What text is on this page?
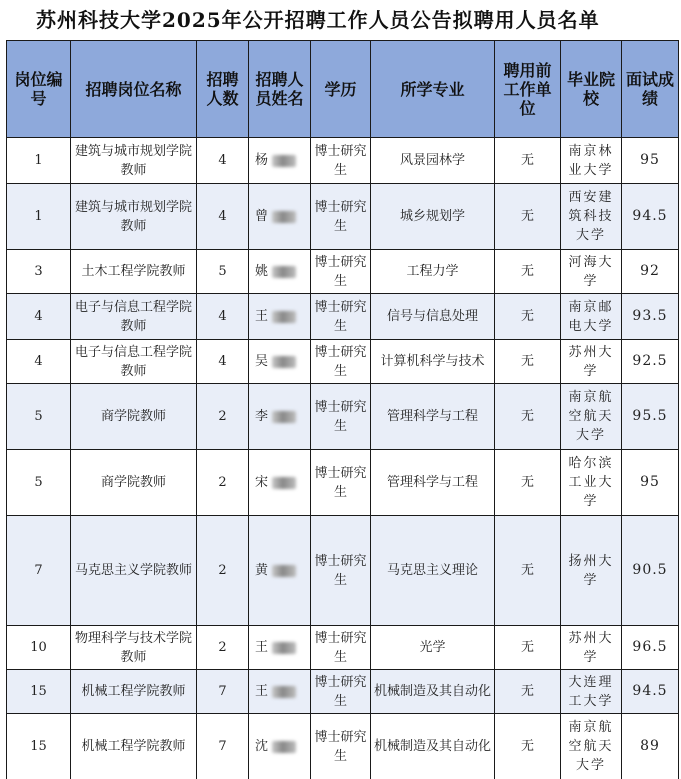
苏州科技大学2025年公开招聘工作人员公告拟聘用人员名单
岗位编号	招聘岗位名称	招聘人数	招聘人员姓名	学历	所学专业	聘用前工作单位	毕业院校	面试成绩
1	建筑与城市规划学院教师	4	杨	博士研究生	风景园林学	无	南京林业大学	95
1	建筑与城市规划学院教师	4	曾	博士研究生	城乡规划学	无	西安建筑科技大学	94.5
3	土木工程学院教师	5	姚	博士研究生	工程力学	无	河海大学	92
4	电子与信息工程学院教师	4	王	博士研究生	信号与信息处理	无	南京邮电大学	93.5
4	电子与信息工程学院教师	4	吴	博士研究生	计算机科学与技术	无	苏州大学	92.5
5	商学院教师	2	李	博士研究生	管理科学与工程	无	南京航空航天大学	95.5
5	商学院教师	2	宋	博士研究生	管理科学与工程	无	哈尔滨工业大学	95
7	马克思主义学院教师	2	黄	博士研究生	马克思主义理论	无	扬州大学	90.5
10	物理科学与技术学院教师	2	王	博士研究生	光学	无	苏州大学	96.5
15	机械工程学院教师	7	王	博士研究生	机械制造及其自动化	无	大连理工大学	94.5
15	机械工程学院教师	7	沈	博士研究生	机械制造及其自动化	无	南京航空航天大学	89
